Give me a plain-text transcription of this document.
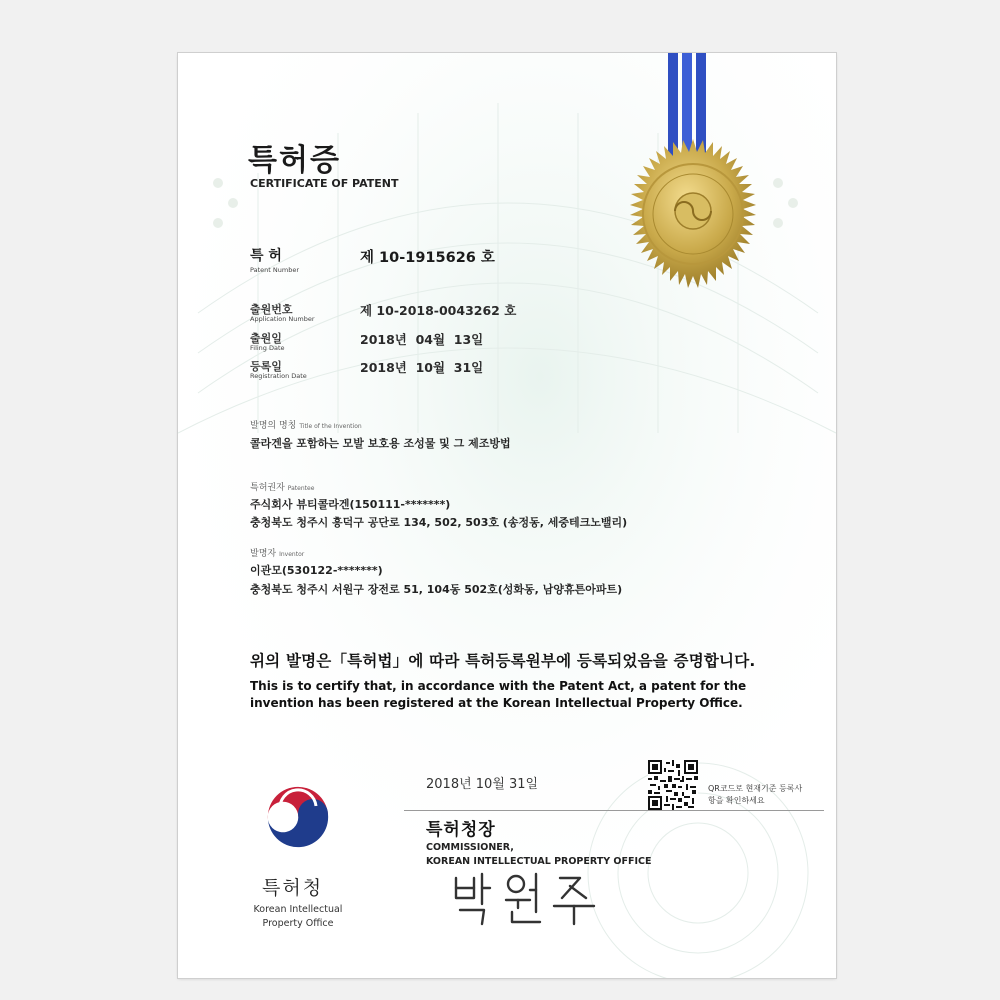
특허증
CERTIFICATE OF PATENT
특 허
Patent Number
제 10-1915626 호
출원번호
Application Number
제 10-2018-0043262 호
출원일
Filing Date
2018년  04월  13일
등록일
Registration Date
2018년  10월  31일
발명의 명칭 Title of the Invention
콜라겐을 포함하는 모발 보호용 조성물 및 그 제조방법
특허권자 Patentee
주식회사 뷰티콜라겐(150111-*******)
충청북도 청주시 흥덕구 공단로 134, 502, 503호 (송정동, 세중테크노밸리)
발명자 Inventor
이관모(530122-*******)
충청북도 청주시 서원구 장전로 51, 104동 502호(성화동, 남양휴튼아파트)
위의 발명은「특허법」에 따라 특허등록원부에 등록되었음을 증명합니다.
This is to certify that, in accordance with the Patent Act, a patent for the invention has been registered at the Korean Intellectual Property Office.
2018년 10월 31일	QR코드로 현재기준 등록사항을 확인하세요
특허청장
COMMISSIONER,
KOREAN INTELLECTUAL PROPERTY OFFICE
특허청
Korean Intellectual Property Office
